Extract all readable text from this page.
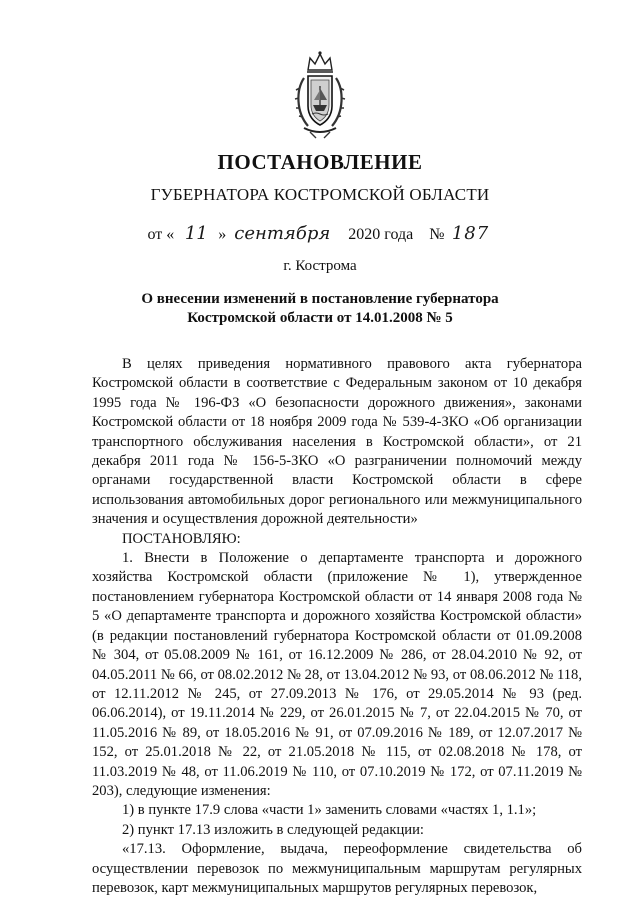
ПОСТАНОВЛЕНИЕ
ГУБЕРНАТОРА КОСТРОМСКОЙ ОБЛАСТИ
от « 11 » сентября 2020 года № 187
г. Кострома
О внесении изменений в постановление губернатора
Костромской области от 14.01.2008 № 5

В целях приведения нормативного правового акта губернатора Костромской области в соответствие с Федеральным законом от 10 декабря 1995 года № 196-ФЗ «О безопасности дорожного движения», законами Костромской области от 18 ноября 2009 года № 539-4-ЗКО «Об организации транспортного обслуживания населения в Костромской области», от 21 декабря 2011 года № 156-5-ЗКО «О разграничении полномочий между органами государственной власти Костромской области в сфере использования автомобильных дорог регионального или межмуниципального значения и осуществления дорожной деятельности»

ПОСТАНОВЛЯЮ:

1. Внести в Положение о департаменте транспорта и дорожного хозяйства Костромской области (приложение № 1), утвержденное постановлением губернатора Костромской области от 14 января 2008 года № 5 «О департаменте транспорта и дорожного хозяйства Костромской области» (в редакции постановлений губернатора Костромской области от 01.09.2008 № 304, от 05.08.2009 № 161, от 16.12.2009 № 286, от 28.04.2010 № 92, от 04.05.2011 № 66, от 08.02.2012 № 28, от 13.04.2012 № 93, от 08.06.2012 № 118, от 12.11.2012 № 245, от 27.09.2013 № 176, от 29.05.2014 № 93 (ред. 06.06.2014), от 19.11.2014 № 229, от 26.01.2015 № 7, от 22.04.2015 № 70, от 11.05.2016 № 89, от 18.05.2016 № 91, от 07.09.2016 № 189, от 12.07.2017 № 152, от 25.01.2018 № 22, от 21.05.2018 № 115, от 02.08.2018 № 178, от 11.03.2019 № 48, от 11.06.2019 № 110, от 07.10.2019 № 172, от 07.11.2019 № 203), следующие изменения:

1) в пункте 17.9 слова «части 1» заменить словами «частях 1, 1.1»;

2) пункт 17.13 изложить в следующей редакции:

«17.13. Оформление, выдача, переоформление свидетельства об осуществлении перевозок по межмуниципальным маршрутам регулярных перевозок, карт межмуниципальных маршрутов регулярных перевозок,
